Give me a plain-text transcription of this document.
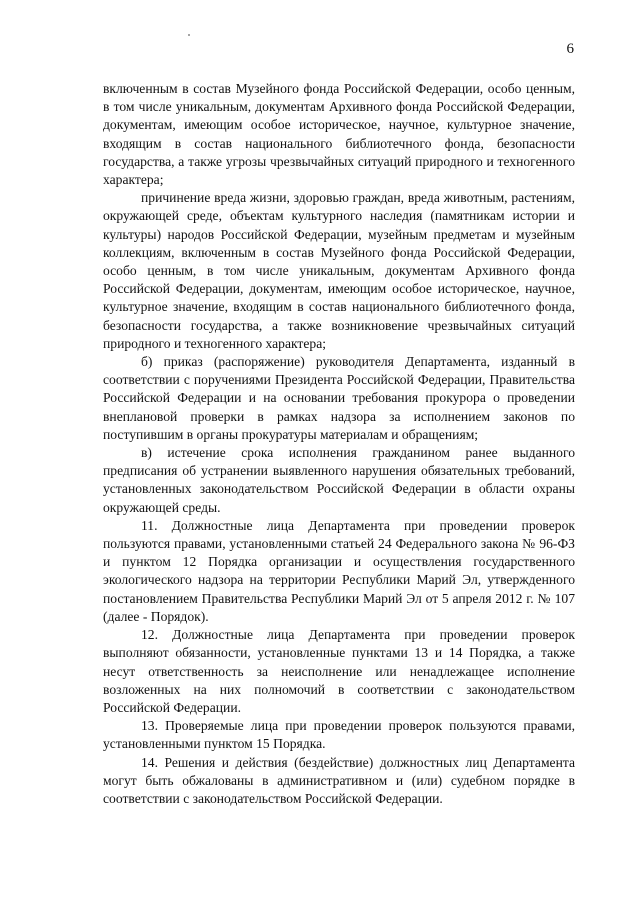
6

включенным в состав Музейного фонда Российской Федерации, особо ценным, в том числе уникальным, документам Архивного фонда Российской Федерации, документам, имеющим особое историческое, научное, культурное значение, входящим в состав национального библиотечного фонда, безопасности государства, а также угрозы чрезвычайных ситуаций природного и техногенного характера;

причинение вреда жизни, здоровью граждан, вреда животным, растениям, окружающей среде, объектам культурного наследия (памятникам истории и культуры) народов Российской Федерации, музейным предметам и музейным коллекциям, включенным в состав Музейного фонда Российской Федерации, особо ценным, в том числе уникальным, документам Архивного фонда Российской Федерации, документам, имеющим особое историческое, научное, культурное значение, входящим в состав национального библиотечного фонда, безопасности государства, а также возникновение чрезвычайных ситуаций природного и техногенного характера;

б) приказ (распоряжение) руководителя Департамента, изданный в соответствии с поручениями Президента Российской Федерации, Правительства Российской Федерации и на основании требования прокурора о проведении внеплановой проверки в рамках надзора за исполнением законов по поступившим в органы прокуратуры материалам и обращениям;

в) истечение срока исполнения гражданином ранее выданного предписания об устранении выявленного нарушения обязательных требований, установленных законодательством Российской Федерации в области охраны окружающей среды.

11. Должностные лица Департамента при проведении проверок пользуются правами, установленными статьей 24 Федерального закона № 96-ФЗ и пунктом 12 Порядка организации и осуществления государственного экологического надзора на территории Республики Марий Эл, утвержденного постановлением Правительства Республики Марий Эл от 5 апреля 2012 г. № 107 (далее - Порядок).

12. Должностные лица Департамента при проведении проверок выполняют обязанности, установленные пунктами 13 и 14 Порядка, а также несут ответственность за неисполнение или ненадлежащее исполнение возложенных на них полномочий в соответствии с законодательством Российской Федерации.

13. Проверяемые лица при проведении проверок пользуются правами, установленными пунктом 15 Порядка.

14. Решения и действия (бездействие) должностных лиц Департамента могут быть обжалованы в административном и (или) судебном порядке в соответствии с законодательством Российской Федерации.
